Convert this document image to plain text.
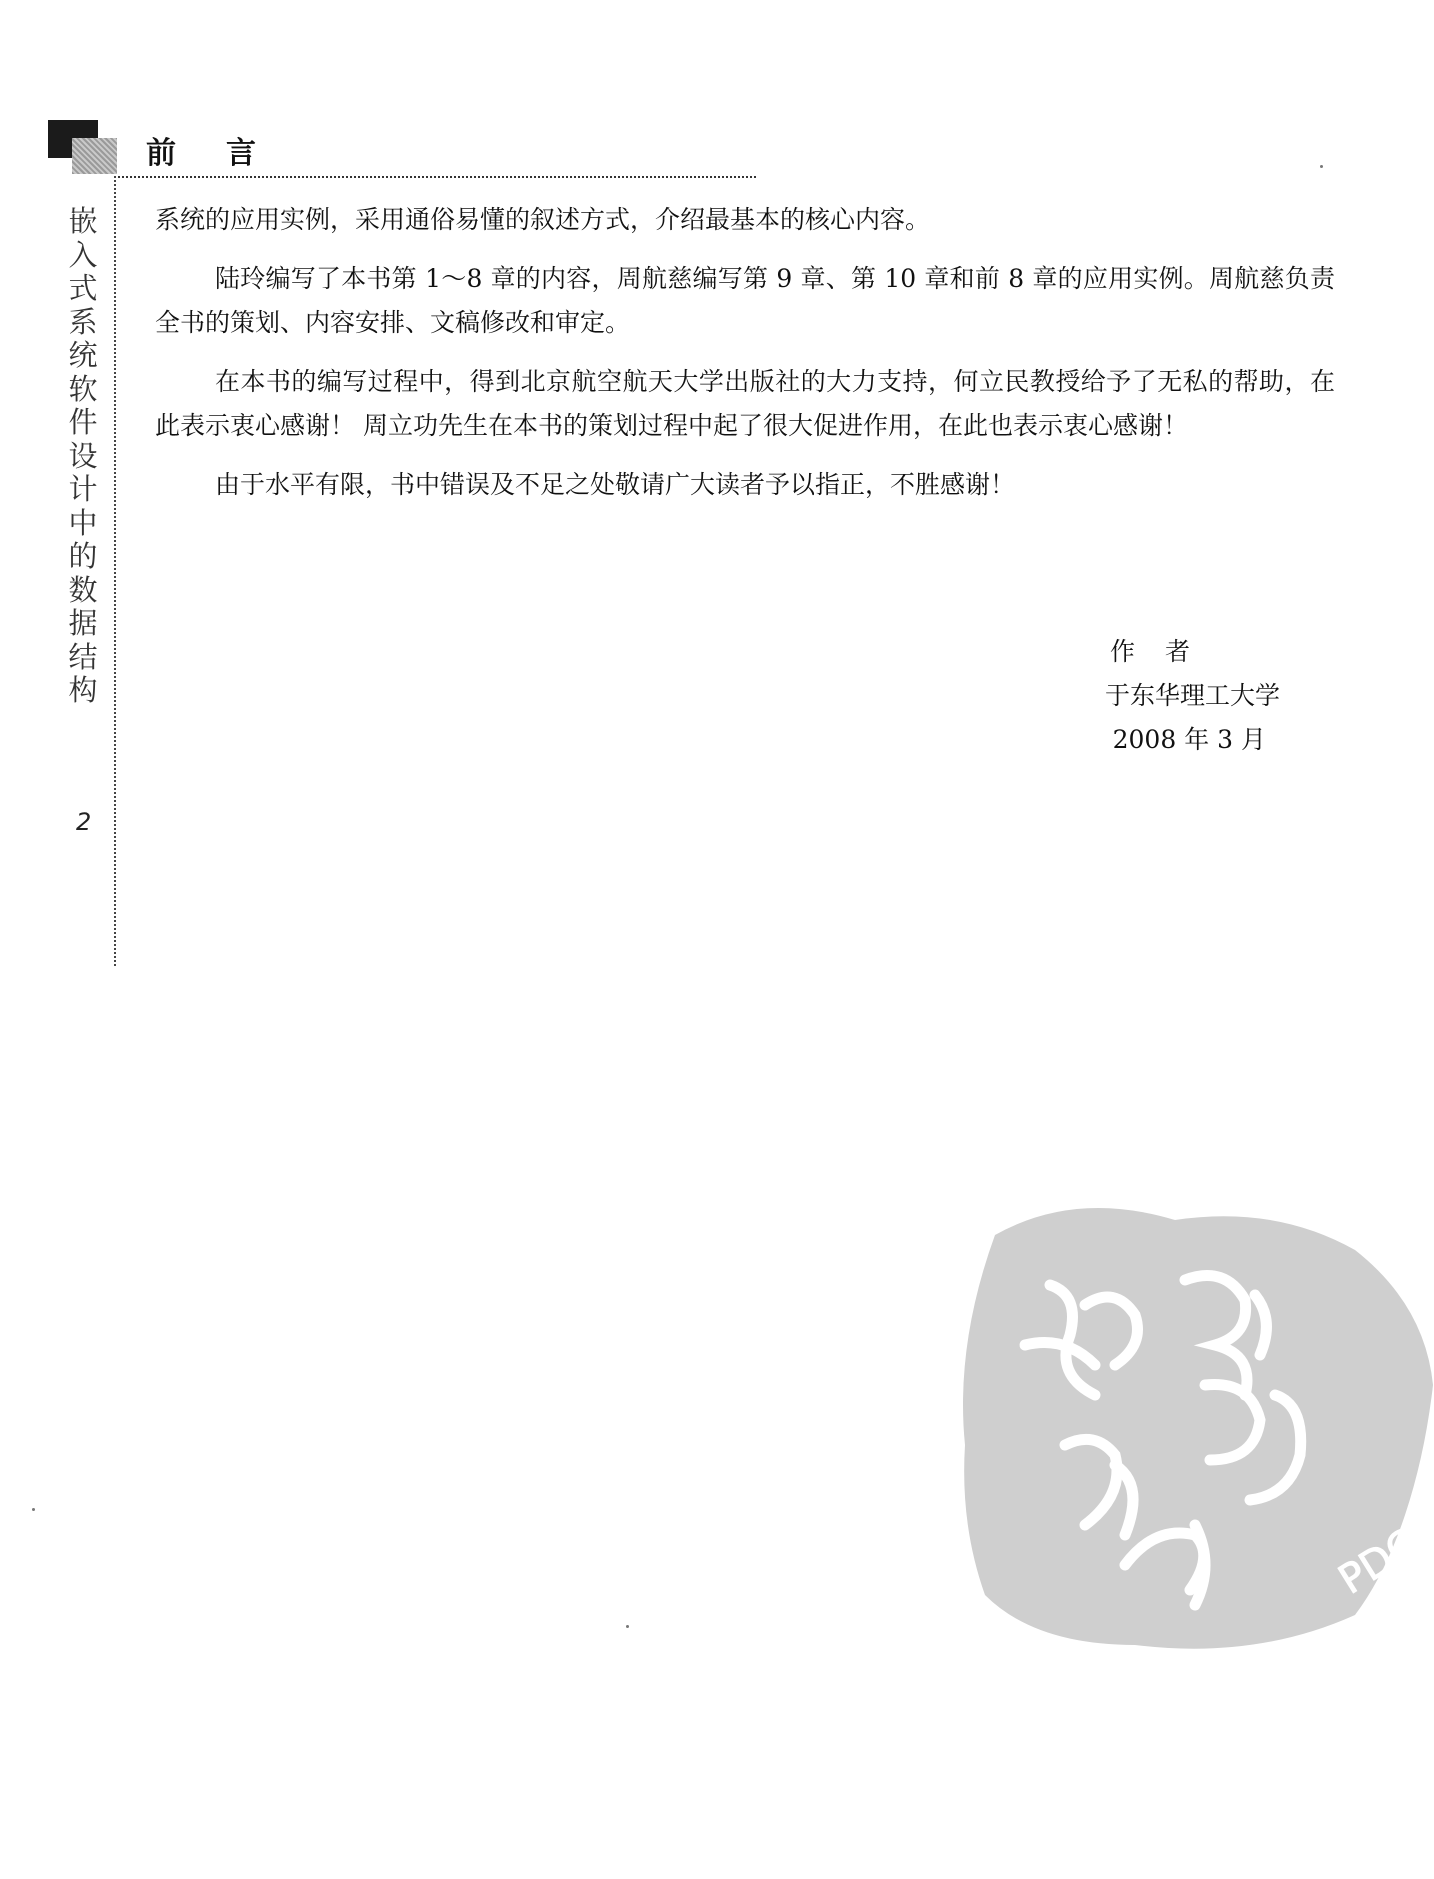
前言
嵌入式系统软件设计中的数据结构
2

系统的应用实例，采用通俗易懂的叙述方式，介绍最基本的核心内容。

陆玲编写了本书第 1～8 章的内容，周航慈编写第 9 章、第 10 章和前 8 章的应用实例。周航慈负责全书的策划、内容安排、文稿修改和审定。

在本书的编写过程中，得到北京航空航天大学出版社的大力支持，何立民教授给予了无私的帮助，在此表示衷心感谢！ 周立功先生在本书的策划过程中起了很大促进作用，在此也表示衷心感谢！

由于水平有限，书中错误及不足之处敬请广大读者予以指正，不胜感谢！

作者
于东华理工大学
2008 年 3 月
PDG
